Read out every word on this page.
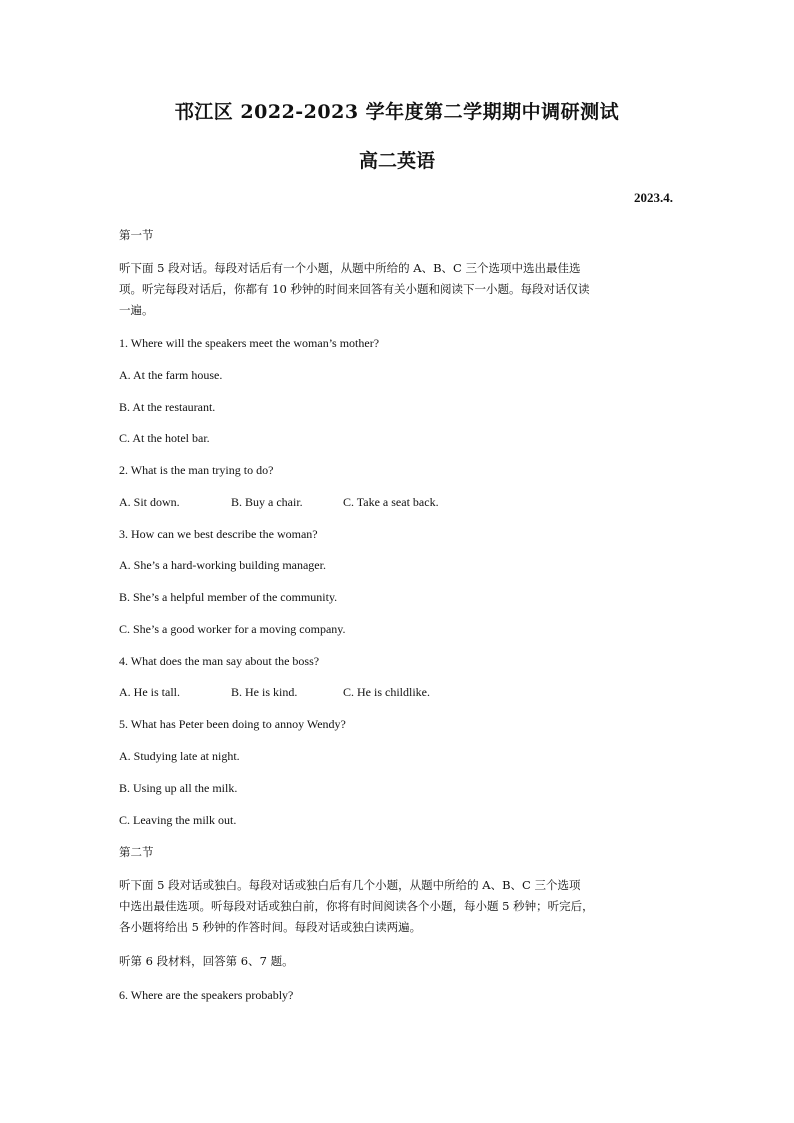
邗江区 2022-2023 学年度第二学期期中调研测试
高二英语
2023.4.
第一节
听下面 5 段对话。每段对话后有一个小题，从题中所给的 A、B、C 三个选项中选出最佳选
项。听完每段对话后，你都有 10 秒钟的时间来回答有关小题和阅读下一小题。每段对话仅读
一遍。
1. Where will the speakers meet the woman’s mother?
A. At the farm house.
B. At the restaurant.
C. At the hotel bar.
2. What is the man trying to do?
A. Sit down.	B. Buy a chair.	C. Take a seat back.
3. How can we best describe the woman?
A. She’s a hard-working building manager.
B. She’s a helpful member of the community.
C. She’s a good worker for a moving company.
4. What does the man say about the boss?
A. He is tall.	B. He is kind.	C. He is childlike.
5. What has Peter been doing to annoy Wendy?
A. Studying late at night.
B. Using up all the milk.
C. Leaving the milk out.
第二节
听下面 5 段对话或独白。每段对话或独白后有几个小题，从题中所给的 A、B、C 三个选项
中选出最佳选项。听每段对话或独白前，你将有时间阅读各个小题，每小题 5 秒钟；听完后，
各小题将给出 5 秒钟的作答时间。每段对话或独白读两遍。
听第 6 段材料，回答第 6、7 题。
6. Where are the speakers probably?
